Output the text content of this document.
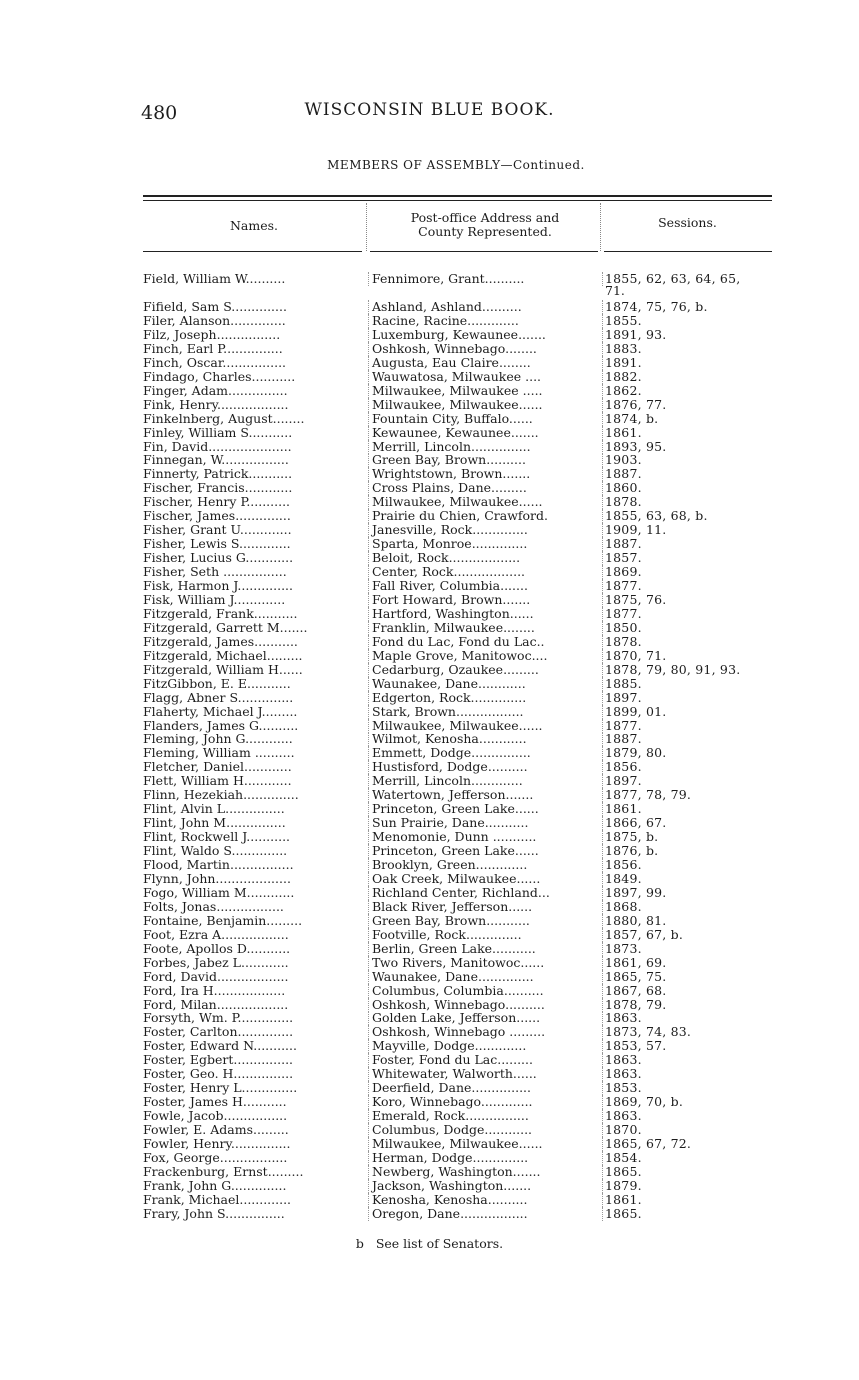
480	WISCONSIN BLUE BOOK.
MEMBERS OF ASSEMBLY—Continued.
Names.
Post-office Address and
County Represented.
Sessions.
Field, William W..........	Fennimore, Grant..........	1855, 62, 63, 64, 65,
71.
Fifield, Sam S..............	Ashland, Ashland..........	1874, 75, 76, b.
Filer, Alanson..............	Racine, Racine.............	1855.
Filz, Joseph................	Luxemburg, Kewaunee.......	1891, 93.
Finch, Earl P...............	Oshkosh, Winnebago........	1883.
Finch, Oscar................	Augusta, Eau Claire........	1891.
Findago, Charles...........	Wauwatosa, Milwaukee ....	1882.
Finger, Adam...............	Milwaukee, Milwaukee .....	1862.
Fink, Henry..................	Milwaukee, Milwaukee......	1876, 77.
Finkelnberg, August........	Fountain City, Buffalo......	1874, b.
Finley, William S...........	Kewaunee, Kewaunee.......	1861.
Fin, David.....................	Merrill, Lincoln...............	1893, 95.
Finnegan, W.................	Green Bay, Brown..........	1903.
Finnerty, Patrick...........	Wrightstown, Brown.......	1887.
Fischer, Francis............	Cross Plains, Dane.........	1860.
Fischer, Henry P...........	Milwaukee, Milwaukee......	1878.
Fischer, James..............	Prairie du Chien, Crawford.	1855, 63, 68, b.
Fisher, Grant U.............	Janesville, Rock..............	1909, 11.
Fisher, Lewis S.............	Sparta, Monroe..............	1887.
Fisher, Lucius G............	Beloit, Rock..................	1857.
Fisher, Seth ................	Center, Rock..................	1869.
Fisk, Harmon J..............	Fall River, Columbia.......	1877.
Fisk, William J.............	Fort Howard, Brown.......	1875, 76.
Fitzgerald, Frank...........	Hartford, Washington......	1877.
Fitzgerald, Garrett M.......	Franklin, Milwaukee........	1850.
Fitzgerald, James...........	Fond du Lac, Fond du Lac..	1878.
Fitzgerald, Michael.........	Maple Grove, Manitowoc....	1870, 71.
Fitzgerald, William H......	Cedarburg, Ozaukee.........	1878, 79, 80, 91, 93.
FitzGibbon, E. E...........	Waunakee, Dane............	1885.
Flagg, Abner S..............	Edgerton, Rock..............	1897.
Flaherty, Michael J.........	Stark, Brown.................	1899, 01.
Flanders, James G..........	Milwaukee, Milwaukee......	1877.
Fleming, John G............	Wilmot, Kenosha............	1887.
Fleming, William ..........	Emmett, Dodge...............	1879, 80.
Fletcher, Daniel............	Hustisford, Dodge..........	1856.
Flett, William H............	Merrill, Lincoln.............	1897.
Flinn, Hezekiah..............	Watertown, Jefferson.......	1877, 78, 79.
Flint, Alvin L...............	Princeton, Green Lake......	1861.
Flint, John M...............	Sun Prairie, Dane...........	1866, 67.
Flint, Rockwell J...........	Menomonie, Dunn ...........	1875, b.
Flint, Waldo S..............	Princeton, Green Lake......	1876, b.
Flood, Martin................	Brooklyn, Green.............	1856.
Flynn, John...................	Oak Creek, Milwaukee......	1849.
Fogo, William M............	Richland Center, Richland...	1897, 99.
Folts, Jonas.................	Black River, Jefferson......	1868.
Fontaine, Benjamin.........	Green Bay, Brown...........	1880, 81.
Foot, Ezra A.................	Footville, Rock..............	1857, 67, b.
Foote, Apollos D...........	Berlin, Green Lake...........	1873.
Forbes, Jabez L............	Two Rivers, Manitowoc......	1861, 69.
Ford, David..................	Waunakee, Dane..............	1865, 75.
Ford, Ira H..................	Columbus, Columbia..........	1867, 68.
Ford, Milan..................	Oshkosh, Winnebago..........	1878, 79.
Forsyth, Wm. P..............	Golden Lake, Jefferson......	1863.
Foster, Carlton..............	Oshkosh, Winnebago .........	1873, 74, 83.
Foster, Edward N...........	Mayville, Dodge.............	1853, 57.
Foster, Egbert...............	Foster, Fond du Lac.........	1863.
Foster, Geo. H...............	Whitewater, Walworth......	1863.
Foster, Henry L..............	Deerfield, Dane...............	1853.
Foster, James H...........	Koro, Winnebago.............	1869, 70, b.
Fowle, Jacob................	Emerald, Rock................	1863.
Fowler, E. Adams.........	Columbus, Dodge............	1870.
Fowler, Henry...............	Milwaukee, Milwaukee......	1865, 67, 72.
Fox, George.................	Herman, Dodge..............	1854.
Frackenburg, Ernst.........	Newberg, Washington.......	1865.
Frank, John G..............	Jackson, Washington.......	1879.
Frank, Michael.............	Kenosha, Kenosha..........	1861.
Frary, John S...............	Oregon, Dane.................	1865.
b See list of Senators.
